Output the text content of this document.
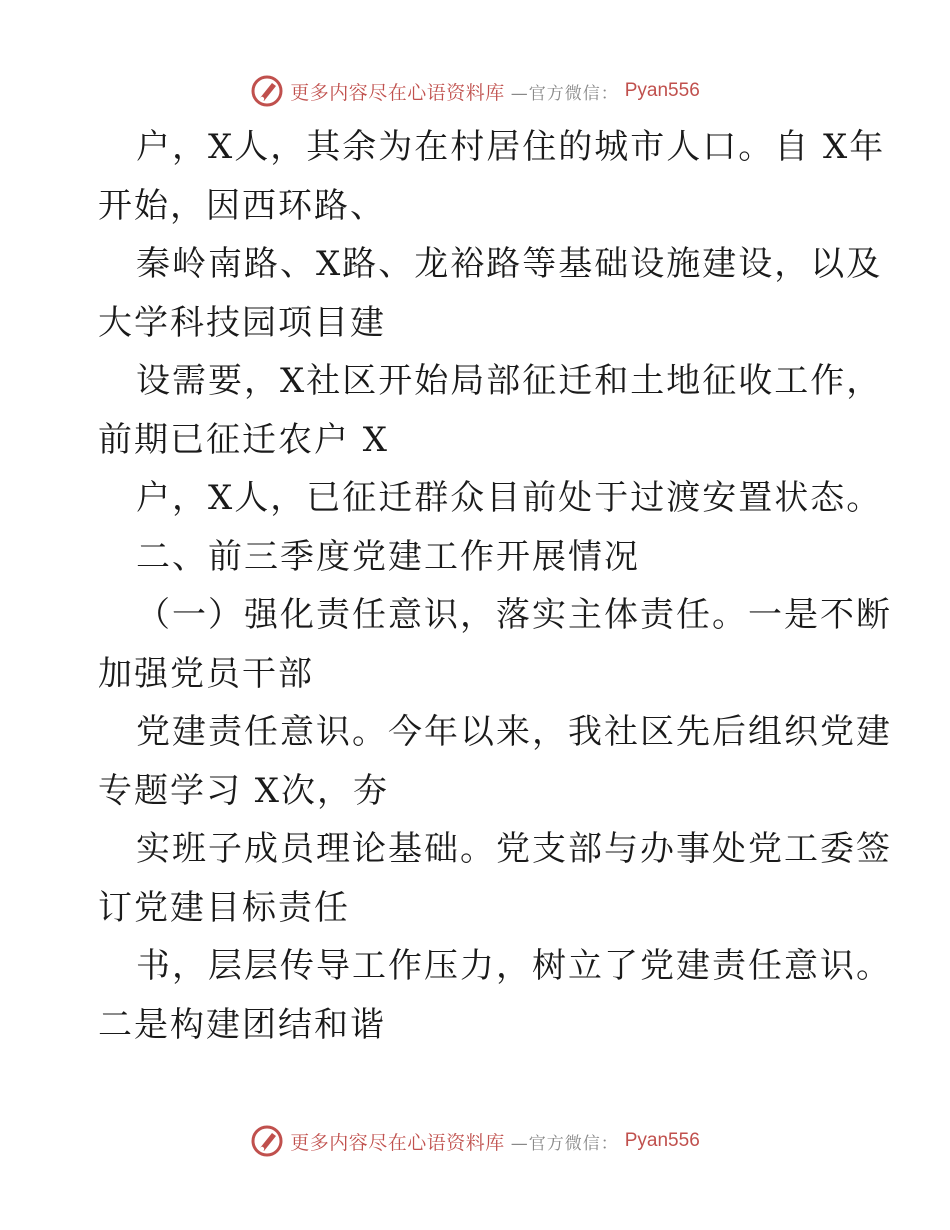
更多内容尽在心语资料库 —官方微信： Pyan556
户，X人，其余为在村居住的城市人口。自 X年
开始，因西环路、
秦岭南路、X路、龙裕路等基础设施建设，以及
大学科技园项目建
设需要，X社区开始局部征迁和土地征收工作，
前期已征迁农户 X
户，X人，已征迁群众目前处于过渡安置状态。
二、前三季度党建工作开展情况
（一）强化责任意识，落实主体责任。一是不断
加强党员干部
党建责任意识。今年以来，我社区先后组织党建
专题学习 X次，夯
实班子成员理论基础。党支部与办事处党工委签
订党建目标责任
书，层层传导工作压力，树立了党建责任意识。
二是构建团结和谐
更多内容尽在心语资料库 —官方微信： Pyan556
